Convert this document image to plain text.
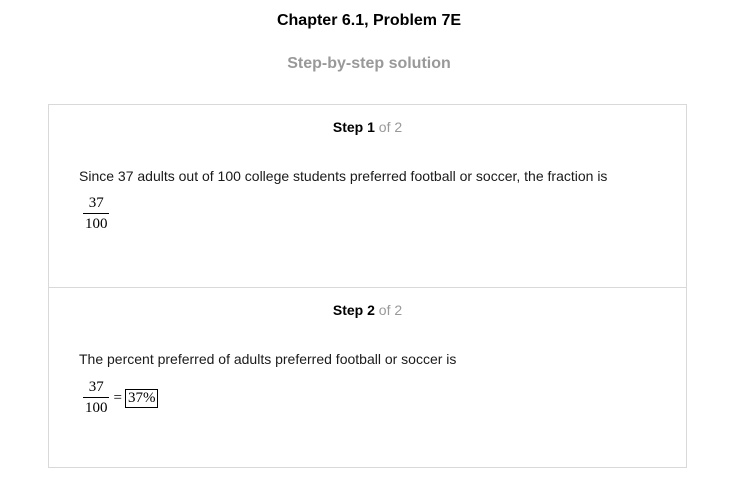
Chapter 6.1, Problem 7E
Step-by-step solution
Step 1 of 2
Since 37 adults out of 100 college students preferred football or soccer, the fraction is
$\frac{37}{100}$
Step 2 of 2
The percent preferred of adults preferred football or soccer is
$\frac{37}{100} = 37\%$
